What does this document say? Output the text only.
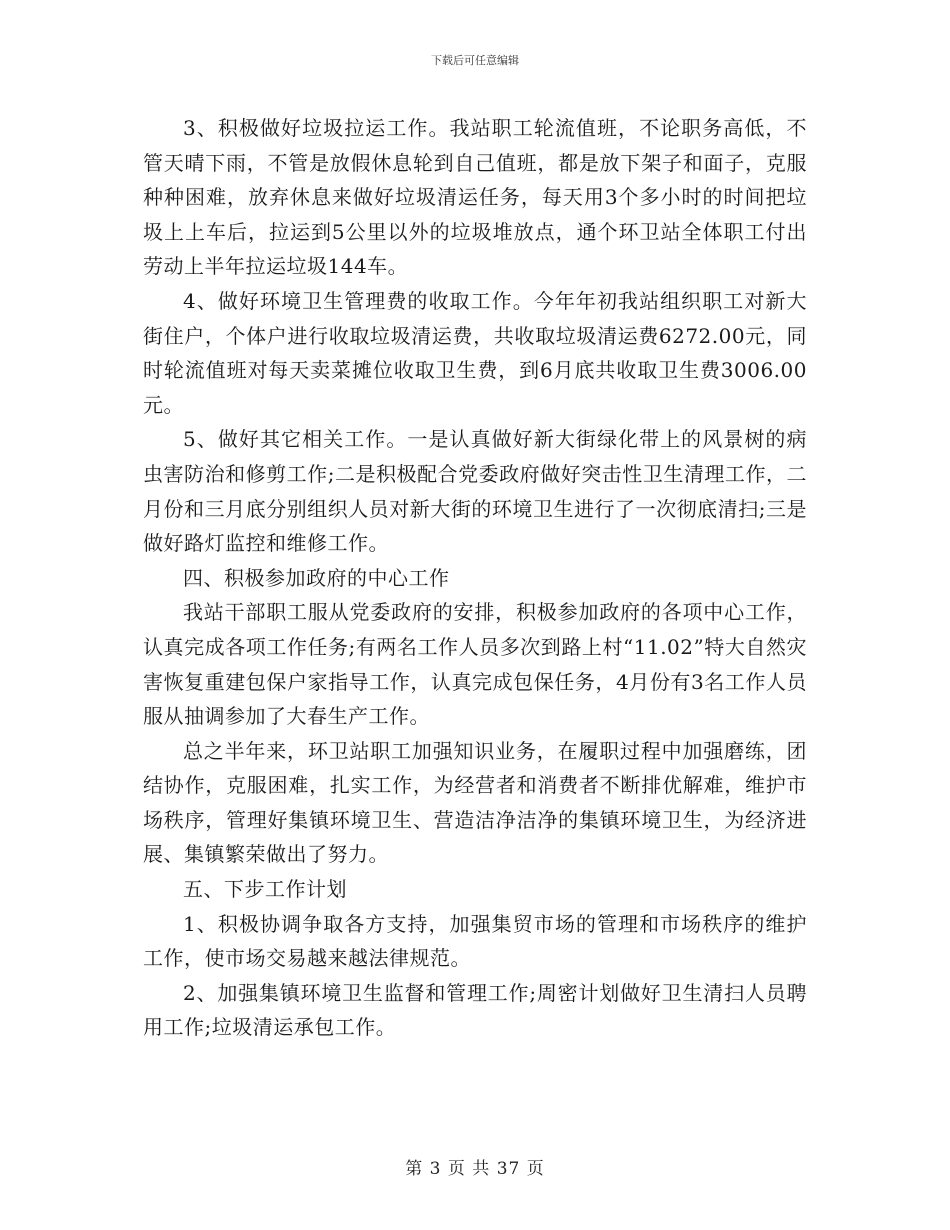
下载后可任意编辑

3、积极做好垃圾拉运工作。我站职工轮流值班，不论职务高低，不管天晴下雨，不管是放假休息轮到自己值班，都是放下架子和面子，克服种种困难，放弃休息来做好垃圾清运任务，每天用3个多小时的时间把垃圾上上车后，拉运到5公里以外的垃圾堆放点，通个环卫站全体职工付出劳动上半年拉运垃圾144车。

4、做好环境卫生管理费的收取工作。今年年初我站组织职工对新大街住户，个体户进行收取垃圾清运费，共收取垃圾清运费6272.00元，同时轮流值班对每天卖菜摊位收取卫生费，到6月底共收取卫生费3006.00 元。

5、做好其它相关工作。一是认真做好新大街绿化带上的风景树的病虫害防治和修剪工作;二是积极配合党委政府做好突击性卫生清理工作，二月份和三月底分别组织人员对新大街的环境卫生进行了一次彻底清扫;三是做好路灯监控和维修工作。

四、积极参加政府的中心工作

我站干部职工服从党委政府的安排，积极参加政府的各项中心工作，认真完成各项工作任务;有两名工作人员多次到路上村“11.02”特大自然灾害恢复重建包保户家指导工作，认真完成包保任务，4月份有3名工作人员服从抽调参加了大春生产工作。

总之半年来，环卫站职工加强知识业务，在履职过程中加强磨练，团结协作，克服困难，扎实工作，为经营者和消费者不断排优解难，维护市场秩序，管理好集镇环境卫生、营造洁净洁净的集镇环境卫生，为经济进展、集镇繁荣做出了努力。

五、下步工作计划

1、积极协调争取各方支持，加强集贸市场的管理和市场秩序的维护工作，使市场交易越来越法律规范。

2、加强集镇环境卫生监督和管理工作;周密计划做好卫生清扫人员聘用工作;垃圾清运承包工作。

第 3 页 共 37 页
